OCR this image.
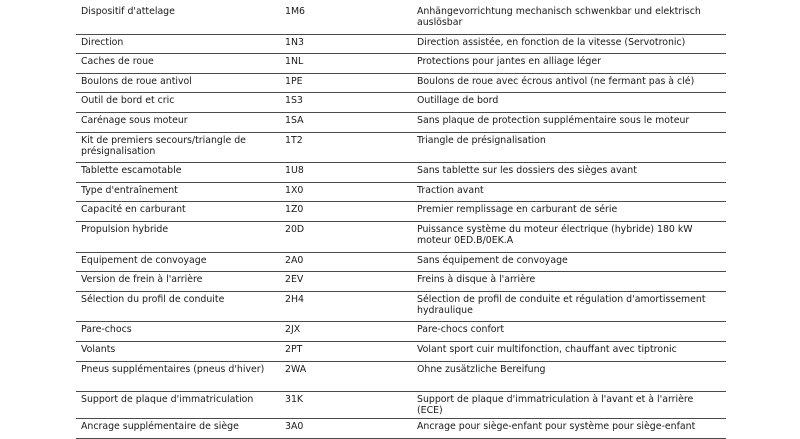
Dispositif d'attelage	1M6	Anhängevorrichtung mechanisch schwenkbar und elektrisch auslösbar
Direction	1N3	Direction assistée, en fonction de la vitesse (Servotronic)
Caches de roue	1NL	Protections pour jantes en alliage léger
Boulons de roue antivol	1PE	Boulons de roue avec écrous antivol (ne fermant pas à clé)
Outil de bord et cric	1S3	Outillage de bord
Carénage sous moteur	1SA	Sans plaque de protection supplémentaire sous le moteur
Kit de premiers secours/triangle de présignalisation	1T2	Triangle de présignalisation
Tablette escamotable	1U8	Sans tablette sur les dossiers des sièges avant
Type d'entraînement	1X0	Traction avant
Capacité en carburant	1Z0	Premier remplissage en carburant de série
Propulsion hybride	20D	Puissance système du moteur électrique (hybride) 180 kW moteur 0ED.B/0EK.A
Equipement de convoyage	2A0	Sans équipement de convoyage
Version de frein à l'arrière	2EV	Freins à disque à l'arrière
Sélection du profil de conduite	2H4	Sélection de profil de conduite et régulation d'amortissement hydraulique
Pare-chocs	2JX	Pare-chocs confort
Volants	2PT	Volant sport cuir multifonction, chauffant avec tiptronic
Pneus supplémentaires (pneus d'hiver)	2WA	Ohne zusätzliche Bereifung
Support de plaque d'immatriculation	31K	Support de plaque d'immatriculation à l'avant et à l'arrière (ECE)
Ancrage supplémentaire de siège	3A0	Ancrage pour siège-enfant pour système pour siège-enfant
